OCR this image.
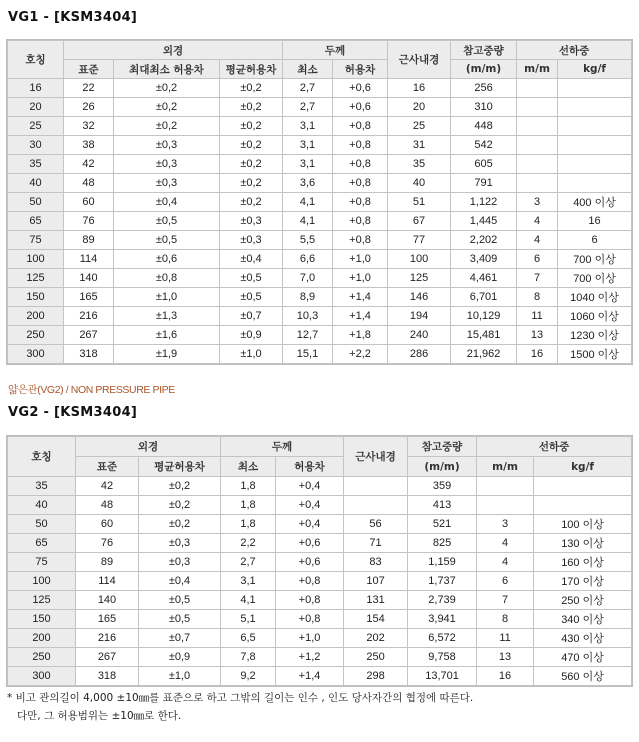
VG1 - [KSM3404]
호칭	외경			두께		근사내경	참고중량	선하중	
	표준	최대최소 허용차	평균허용차	최소	허용차		(m/m)	m/m	kg/f
16	22	±0,2	±0,2	2,7	+0,6	16	256		
20	26	±0,2	±0,2	2,7	+0,6	20	310		
25	32	±0,2	±0,2	3,1	+0,8	25	448		
30	38	±0,3	±0,2	3,1	+0,8	31	542		
35	42	±0,3	±0,2	3,1	+0,8	35	605		
40	48	±0,3	±0,2	3,6	+0,8	40	791		
50	60	±0,4	±0,2	4,1	+0,8	51	1,122	3	400 이상
65	76	±0,5	±0,3	4,1	+0,8	67	1,445	4	16
75	89	±0,5	±0,3	5,5	+0,8	77	2,202	4	6
100	114	±0,6	±0,4	6,6	+1,0	100	3,409	6	700 이상
125	140	±0,8	±0,5	7,0	+1,0	125	4,461	7	700 이상
150	165	±1,0	±0,5	8,9	+1,4	146	6,701	8	1040 이상
200	216	±1,3	±0,7	10,3	+1,4	194	10,129	11	1060 이상
250	267	±1,6	±0,9	12,7	+1,8	240	15,481	13	1230 이상
300	318	±1,9	±1,0	15,1	+2,2	286	21,962	16	1500 이상
얇은관(VG2) / NON PRESSURE PIPE
VG2 - [KSM3404]
호칭	외경		두께		근사내경	참고중량	선하중	
	표준	평균허용차	최소	허용차		(m/m)	m/m	kg/f
35	42	±0,2	1,8	+0,4		359		
40	48	±0,2	1,8	+0,4		413		
50	60	±0,2	1,8	+0,4	56	521	3	100 이상
65	76	±0,3	2,2	+0,6	71	825	4	130 이상
75	89	±0,3	2,7	+0,6	83	1,159	4	160 이상
100	114	±0,4	3,1	+0,8	107	1,737	6	170 이상
125	140	±0,5	4,1	+0,8	131	2,739	7	250 이상
150	165	±0,5	5,1	+0,8	154	3,941	8	340 이상
200	216	±0,7	6,5	+1,0	202	6,572	11	430 이상
250	267	±0,9	7,8	+1,2	250	9,758	13	470 이상
300	318	±1,0	9,2	+1,4	298	13,701	16	560 이상
* 비고 관의길이 4,000 ±10㎜를 표준으로 하고 그밖의 길이는 인수 , 인도 당사자간의 협정에 따른다.
다만, 그 허용범위는 ±10㎜로 한다.
